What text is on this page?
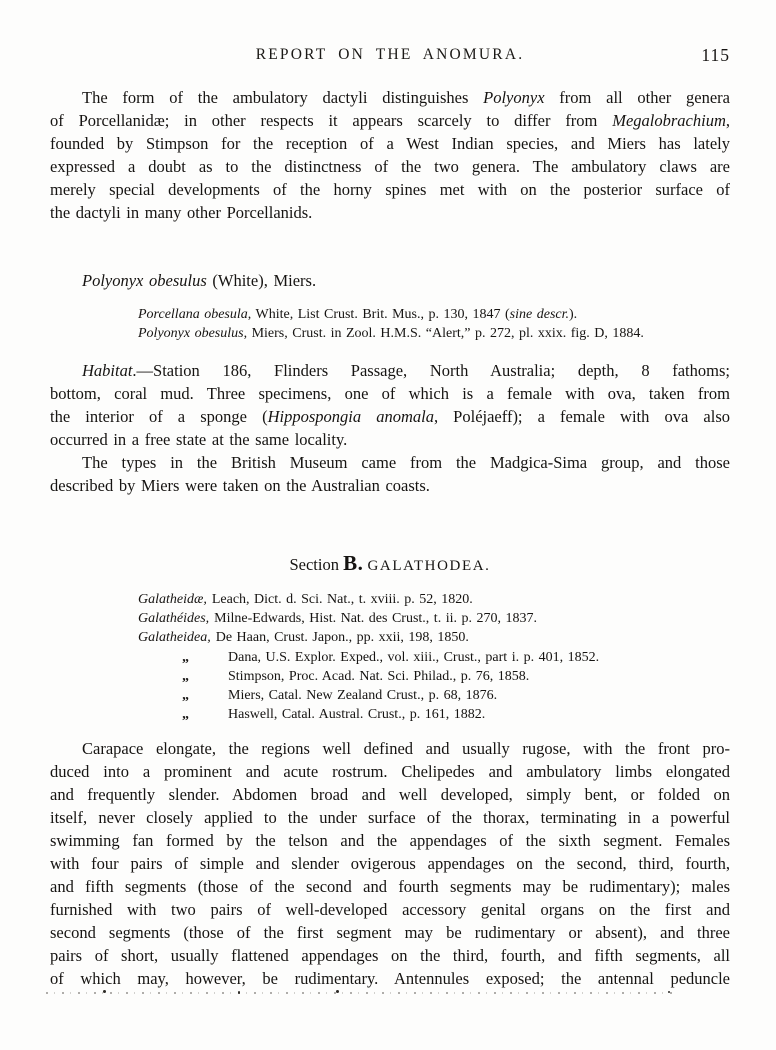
REPORT ON THE ANOMURA.	115
The form of the ambulatory dactyli distinguishes Polyonyx from all other genera
of Porcellanidæ; in other respects it appears scarcely to differ from Megalobrachium,
founded by Stimpson for the reception of a West Indian species, and Miers has lately
expressed a doubt as to the distinctness of the two genera. The ambulatory claws are
merely special developments of the horny spines met with on the posterior surface of
the dactyli in many other Porcellanids.
Polyonyx obesulus (White), Miers.
Porcellana obesula, White, List Crust. Brit. Mus., p. 130, 1847 (sine descr.).
Polyonyx obesulus, Miers, Crust. in Zool. H.M.S. “Alert,” p. 272, pl. xxix. fig. D, 1884.
Habitat.—Station 186, Flinders Passage, North Australia; depth, 8 fathoms;
bottom, coral mud. Three specimens, one of which is a female with ova, taken from
the interior of a sponge (Hippospongia anomala, Poléjaeff); a female with ova also
occurred in a free state at the same locality.
The types in the British Museum came from the Madgica-Sima group, and those
described by Miers were taken on the Australian coasts.
Section B. GALATHODEA.
Galatheidæ, Leach, Dict. d. Sci. Nat., t. xviii. p. 52, 1820.
Galathéides, Milne-Edwards, Hist. Nat. des Crust., t. ii. p. 270, 1837.
Galatheidea, De Haan, Crust. Japon., pp. xxii, 198, 1850.
„	Dana, U.S. Explor. Exped., vol. xiii., Crust., part i. p. 401, 1852.
„	Stimpson, Proc. Acad. Nat. Sci. Philad., p. 76, 1858.
„	Miers, Catal. New Zealand Crust., p. 68, 1876.
„	Haswell, Catal. Austral. Crust., p. 161, 1882.
Carapace elongate, the regions well defined and usually rugose, with the front pro-
duced into a prominent and acute rostrum. Chelipedes and ambulatory limbs elongated
and frequently slender. Abdomen broad and well developed, simply bent, or folded on
itself, never closely applied to the under surface of the thorax, terminating in a powerful
swimming fan formed by the telson and the appendages of the sixth segment. Females
with four pairs of simple and slender ovigerous appendages on the second, third, fourth,
and fifth segments (those of the second and fourth segments may be rudimentary); males
furnished with two pairs of well-developed accessory genital organs on the first and
second segments (those of the first segment may be rudimentary or absent), and three
pairs of short, usually flattened appendages on the third, fourth, and fifth segments, all
of which may, however, be rudimentary. Antennules exposed; the antennal peduncle
